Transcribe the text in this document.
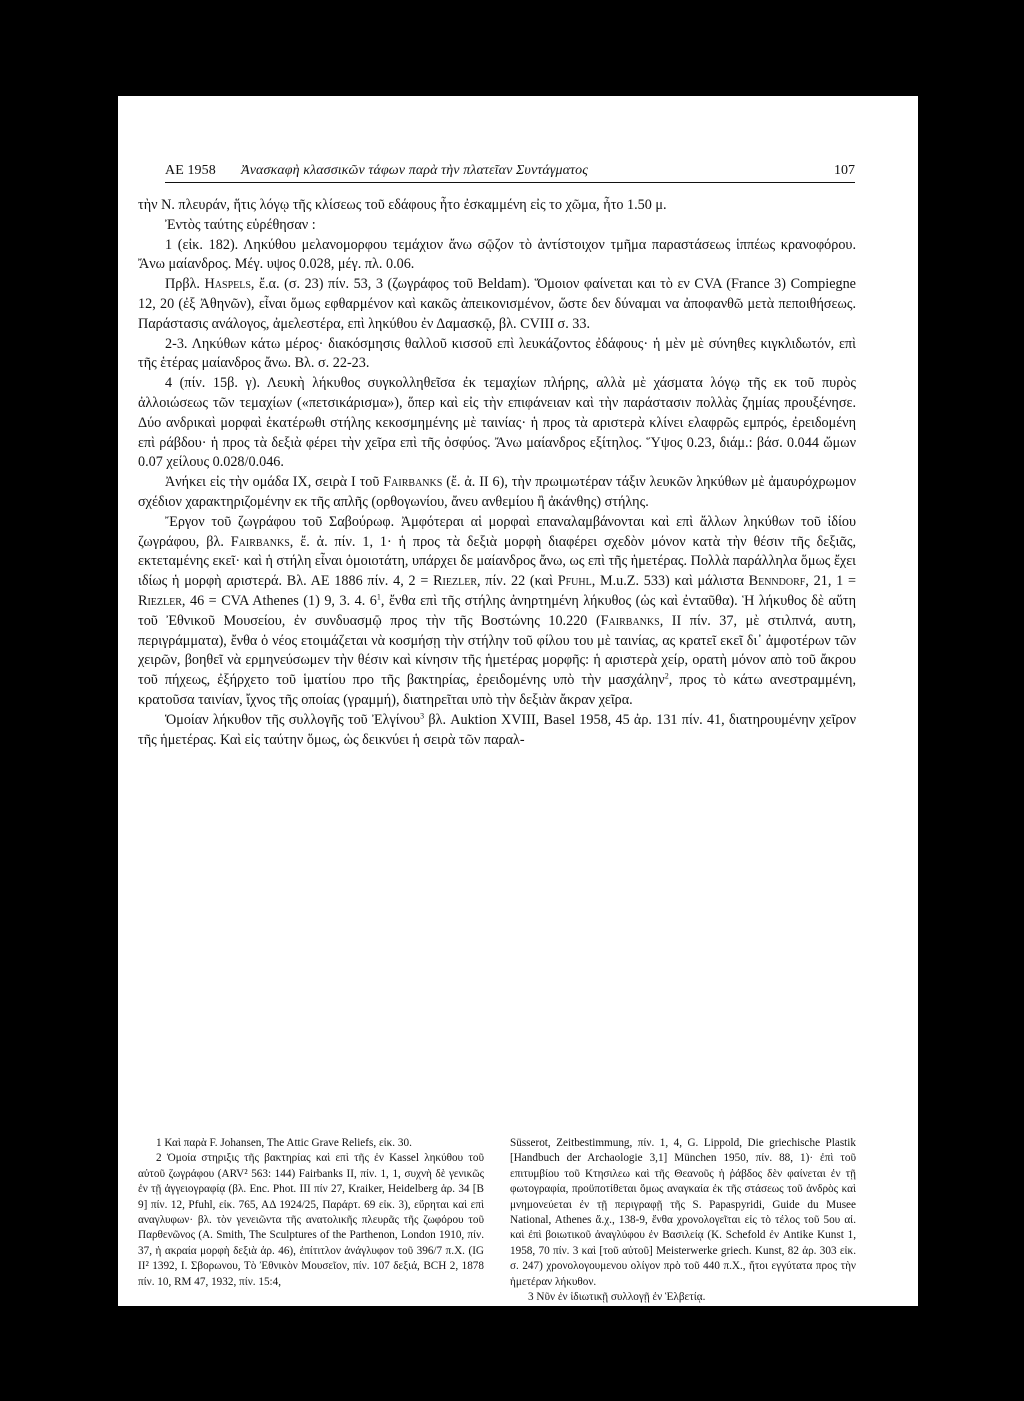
ΑΕ 1958 Ἀνασκαφὴ κλασσικῶν τάφων παρὰ τὴν πλατεῖαν Συντάγματος	107

τὴν Ν. πλευράν, ἥτις λόγῳ τῆς κλίσεως τοῦ εδάφους ἦτο ἐσκαμμένη εἰς το χῶμα, ἦτο 1.50 μ.

Ἐντὸς ταύτης εὑρέθησαν :

1 (εἰκ. 182). Ληκύθου μελανομορφου τεμάχιον ἄνω σῷζον τὸ ἀντίστοιχον τμῆμα παραστάσεως ἱππέως κρανοφόρου. Ἄνω μαίανδρος. Μέγ. υψος 0.028, μέγ. πλ. 0.06.

Πρβλ. Haspels, ἔ.α. (σ. 23) πίν. 53, 3 (ζωγράφος τοῦ Beldam). Ὅμοιον φαίνεται και τὸ εν CVA (France 3) Compiegne 12, 20 (ἐξ Ἀθηνῶν), εἶναι ὅμως εφθαρμένον καὶ κακῶς ἀπεικονισμένον, ὥστε δεν δύναμαι να ἀποφανθῶ μετὰ πεποιθήσεως. Παράστασις ανάλογος, ἀμελεστέρα, επὶ ληκύθου ἐν Δαμασκῷ, βλ. CVIII σ. 33.

2-3. Ληκύθων κάτω μέρος· διακόσμησις θαλλοῦ κισσοῦ επὶ λευκάζοντος ἐδάφους· ἡ μὲν μὲ σύνηθες κιγκλιδωτόν, επὶ τῆς ἑτέρας μαίανδρος ἄνω. Βλ. σ. 22-23.

4 (πίν. 15β. γ). Λευκὴ λήκυθος συγκολληθεῖσα ἐκ τεμαχίων πλήρης, αλλὰ μὲ χάσματα λόγῳ τῆς εκ τοῦ πυρὸς ἀλλοιώσεως τῶν τεμαχίων («πετσικάρισμα»), ὅπερ καὶ εἰς τὴν επιφάνειαν καὶ τὴν παράστασιν πολλὰς ζημίας προυξένησε. Δύο ανδρικαὶ μορφαὶ ἑκατέρωθι στήλης κεκοσμημένης μὲ ταινίας· ἡ προς τὰ αριστερὰ κλίνει ελαφρῶς εμπρός, ἐρειδομένη επὶ ράβδου· ἡ προς τὰ δεξιὰ φέρει τὴν χεῖρα επὶ τῆς ὀσφύος. Ἄνω μαίανδρος εξίτηλος. Ὕψος 0.23, διάμ.: βάσ. 0.044 ὤμων 0.07 χείλους 0.028/0.046.

Ἀνήκει εἰς τὴν ομάδα IX, σειρὰ I τοῦ Fairbanks (ἔ. ἀ. II 6), τὴν πρωιμωτέραν τάξιν λευκῶν ληκύθων μὲ ἀμαυρόχρωμον σχέδιον χαρακτηριζομένην εκ τῆς απλῆς (ορθογωνίου, ἄνευ ανθεμίου ἢ ἀκάνθης) στήλης.

Ἔργον τοῦ ζωγράφου τοῦ Σαβούρωφ. Ἀμφότεραι αἱ μορφαὶ επαναλαμβάνονται καὶ επὶ ἄλλων ληκύθων τοῦ ἰδίου ζωγράφου, βλ. Fairbanks, ἔ. ἀ. πίν. 1, 1· ἡ προς τὰ δεξιὰ μορφὴ διαφέρει σχεδὸν μόνον κατὰ τὴν θέσιν τῆς δεξιᾶς, εκτεταμένης εκεῖ· καὶ ἡ στήλη εἶναι ὁμοιοτάτη, υπάρχει δε μαίανδρος ἄνω, ως επὶ τῆς ἡμετέρας. Πολλὰ παράλληλα ὅμως ἔχει ιδίως ἡ μορφὴ αριστερά. Βλ. ΑΕ 1886 πίν. 4, 2 = Riezler, πίν. 22 (καὶ Pfuhl, M.u.Z. 533) καὶ μάλιστα Benndorf, 21, 1 = Riezler, 46 = CVA Athenes (1) 9, 3. 4. $6^1$, ἔνθα επὶ τῆς στήλης ἀνηρτημένη λήκυθος (ὡς καὶ ἐνταῦθα). Ἡ λήκυθος δὲ αὕτη τοῦ Ἐθνικοῦ Μουσείου, ἐν συνδυασμῷ προς τὴν τῆς Βοστώνης 10.220 (Fairbanks, II πίν. 37, μὲ στιλπνά, αυτη, περιγράμματα), ἔνθα ὁ νέος ετοιμάζεται νὰ κοσμήσῃ τὴν στήλην τοῦ φίλου του μὲ ταινίας, ας κρατεῖ εκεῖ δι᾽ ἀμφοτέρων τῶν χειρῶν, βοηθεῖ νὰ ερμηνεύσωμεν τὴν θέσιν καὶ κίνησιν τῆς ἡμετέρας μορφῆς: ἡ αριστερὰ χείρ, ορατὴ μόνον απὸ τοῦ ἄκρου τοῦ πήχεως, ἐξήρχετο τοῦ ἱματίου προ τῆς βακτηρίας, ἐρειδομένης υπὸ τὴν μασχάλην$^2$, προς τὸ κάτω ανεστραμμένη, κρατοῦσα ταινίαν, ἴχνος τῆς οποίας (γραμμή), διατηρεῖται υπὸ τὴν δεξιὰν ἄκραν χεῖρα.

Ὁμοίαν λήκυθον τῆς συλλογῆς τοῦ Ἐλγίνου$^3$ βλ. Auktion XVIII, Basel 1958, 45 ἀρ. 131 πίν. 41, διατηρουμένην χεῖρον τῆς ἡμετέρας. Καὶ εἰς ταύτην ὅμως, ὡς δεικνύει ἡ σειρὰ τῶν παραλ-

1 Καὶ παρὰ F. Johansen, The Attic Grave Reliefs, εἰκ. 30.

2 Ὁμοία στηριξις τῆς βακτηρίας καὶ επὶ τῆς ἐν Kassel ληκύθου τοῦ αὐτοῦ ζωγράφου (ARV² 563: 144) Fairbanks II, πίν. 1, 1, συχνὴ δὲ γενικῶς ἐν τῇ ἀγγειογραφίᾳ (βλ. Enc. Phot. III πίν 27, Kraiker, Heidelberg ἀρ. 34 [B 9] πίν. 12, Pfuhl, εἰκ. 765, ΑΔ 1924/25, Παράρτ. 69 εἰκ. 3), εὕρηται καὶ επὶ αναγλυφων· βλ. τὸν γενειῶντα τῆς ανατολικῆς πλευρᾶς τῆς ζωφόρου τοῦ Παρθενῶνος (A. Smith, The Sculptures of the Parthenon, London 1910, πίν. 37, ἡ ακραία μορφὴ δεξιὰ ἀρ. 46), ἐπίτιτλον ἀνάγλυφον τοῦ 396/7 π.Χ. (IG II² 1392, Ι. Σβορωνου, Τὸ Ἐθνικὸν Μουσεῖον, πίν. 107 δεξιά, BCH 2, 1878 πίν. 10, RM 47, 1932, πίν. 15:4,

Süsserot, Zeitbestimmung, πίν. 1, 4, G. Lippold, Die griechische Plastik [Handbuch der Archaologie 3,1] München 1950, πίν. 88, 1)· ἐπὶ τοῦ επιτυμβίου τοῦ Κτησιλεω καὶ τῆς Θεανοῦς ἡ ῥάβδος δὲν φαίνεται ἐν τῇ φωτογραφία, προϋποτίθεται ὅμως αναγκαία ἐκ τῆς στάσεως τοῦ ἀνδρὸς καὶ μνημονεύεται ἐν τῇ περιγραφῇ τῆς S. Papaspyridi, Guide du Musee National, Athenes ἄ.χ., 138-9, ἔνθα χρονολογεῖται εἰς τὸ τέλος τοῦ 5ου αἰ. καὶ ἐπὶ βοιωτικοῦ ἀναγλύφου ἐν Βασιλείᾳ (K. Schefold ἐν Antike Kunst 1, 1958, 70 πίν. 3 καὶ [τοῦ αὐτοῦ] Meisterwerke griech. Kunst, 82 ἀρ. 303 εἰκ. σ. 247) χρονολογουμενου ολίγον πρὸ τοῦ 440 π.Χ., ἤτοι εγγύτατα προς τὴν ἡμετέραν λήκυθον.

3 Νῦν ἐν ἰδιωτικῇ συλλογῇ ἐν Ἑλβετίᾳ.
